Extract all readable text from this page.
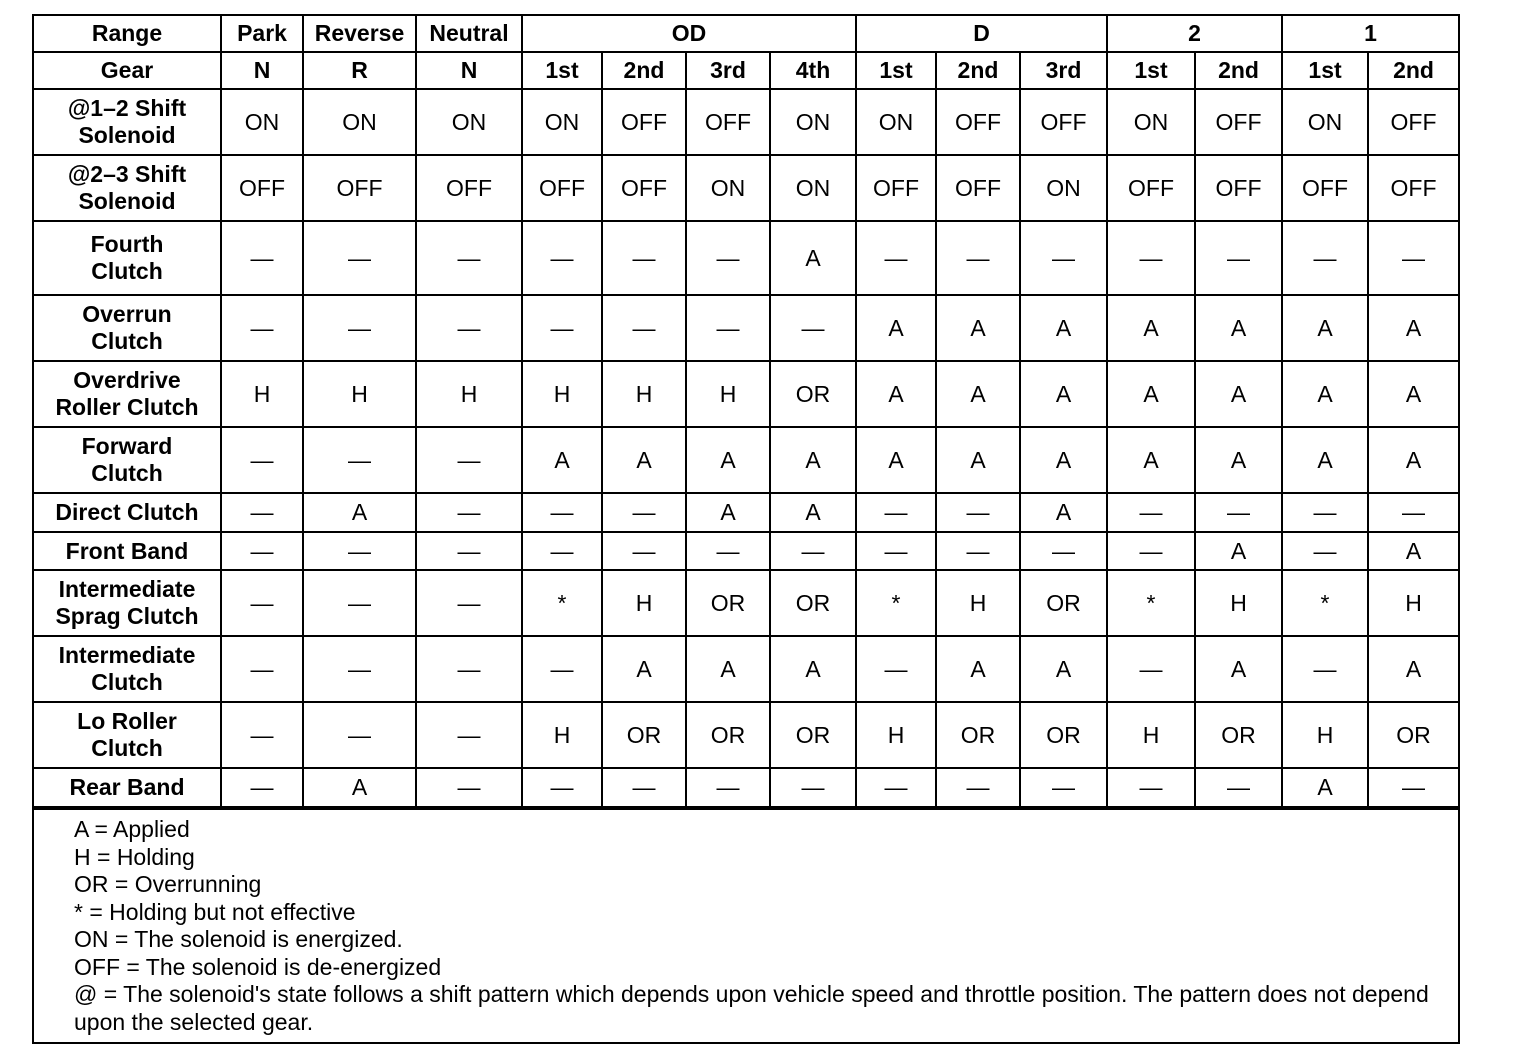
Range	Park	Reverse	Neutral	OD				D			2		1	
Gear	N	R	N	1st	2nd	3rd	4th	1st	2nd	3rd	1st	2nd	1st	2nd

@1–2 Shift
Solenoid	ON	ON	ON	ON	OFF	OFF	ON	ON	OFF	OFF	ON	OFF	ON	OFF

@2–3 Shift
Solenoid	OFF	OFF	OFF	OFF	OFF	ON	ON	OFF	OFF	ON	OFF	OFF	OFF	OFF

Fourth
Clutch	—	—	—	—	—	—	A	—	—	—	—	—	—	—

Overrun
Clutch	—	—	—	—	—	—	—	A	A	A	A	A	A	A

Overdrive
Roller Clutch	H	H	H	H	H	H	OR	A	A	A	A	A	A	A

Forward
Clutch	—	—	—	A	A	A	A	A	A	A	A	A	A	A

Direct Clutch	—	A	—	—	—	A	A	—	—	A	—	—	—	—

Front Band	—	—	—	—	—	—	—	—	—	—	—	A	—	A

Intermediate
Sprag Clutch	—	—	—	*	H	OR	OR	*	H	OR	*	H	*	H

Intermediate
Clutch	—	—	—	—	A	A	A	—	A	A	—	A	—	A

Lo Roller
Clutch	—	—	—	H	OR	OR	OR	H	OR	OR	H	OR	H	OR

Rear Band	—	A	—	—	—	—	—	—	—	—	—	—	A	—
A = Applied
H = Holding
OR = Overrunning
* = Holding but not effective
ON = The solenoid is energized.
OFF = The solenoid is de-energized
@ = The solenoid's state follows a shift pattern which depends upon vehicle speed and throttle position. The pattern does not depend upon the selected gear.
